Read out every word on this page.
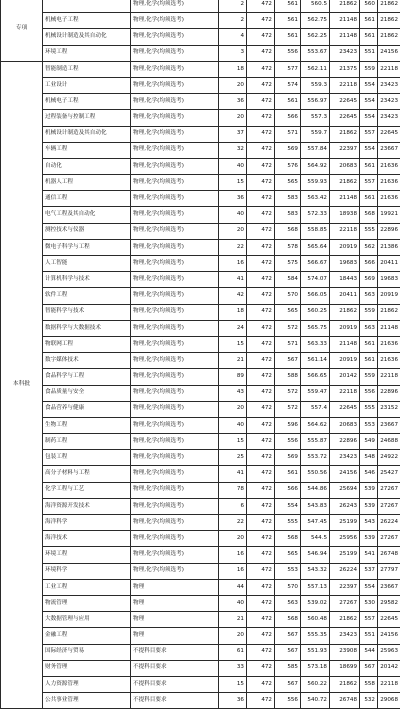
专项		物理,化学(均须选考)	2	472	561	560.5	21862	560	21862
	机械电子工程	物理,化学(均须选考)	2	472	561	562.75	21148	561	21862
	机械设计制造及其自动化	物理,化学(均须选考)	4	472	561	562.25	21148	561	21862
	环境工程	物理,化学(均须选考)	3	472	556	553.67	23423	551	24156
本科批	智能制造工程	物理,化学(均须选考)	18	472	577	562.11	21375	559	22118
	工业设计	物理,化学(均须选考)	20	472	574	559.3	22118	554	23423
	机械电子工程	物理,化学(均须选考)	36	472	561	556.97	22645	554	23423
	过程装备与控制工程	物理,化学(均须选考)	20	472	566	557.3	22645	554	23423
	机械设计制造及其自动化	物理,化学(均须选考)	37	472	571	559.7	21862	557	22645
	车辆工程	物理,化学(均须选考)	32	472	569	557.84	22397	554	23667
	自动化	物理,化学(均须选考)	40	472	576	564.92	20683	561	21636
	机器人工程	物理,化学(均须选考)	15	472	565	559.93	21862	557	21636
	通信工程	物理,化学(均须选考)	36	472	583	563.42	21148	561	21636
	电气工程及其自动化	物理,化学(均须选考)	40	472	583	572.33	18938	568	19921
	测控技术与仪器	物理,化学(均须选考)	20	472	568	558.85	22118	555	22896
	微电子科学与工程	物理,化学(均须选考)	22	472	578	565.64	20919	562	21386
	人工智能	物理,化学(均须选考)	16	472	575	566.67	19683	566	20411
	计算机科学与技术	物理,化学(均须选考)	41	472	584	574.07	18443	569	19683
	软件工程	物理,化学(均须选考)	42	472	570	566.05	20411	563	20919
	智能科学与技术	物理,化学(均须选考)	18	472	565	560.25	21862	559	21862
	数据科学与大数据技术	物理,化学(均须选考)	24	472	572	565.75	20919	563	21148
	物联网工程	物理,化学(均须选考)	15	472	571	563.33	21148	561	21636
	数字媒体技术	物理,化学(均须选考)	21	472	567	561.14	20919	561	21636
	食品科学与工程	物理,化学(均须选考)	89	472	588	566.65	20142	559	22118
	食品质量与安全	物理,化学(均须选考)	43	472	572	559.47	22118	556	22896
	食品营养与健康	物理,化学(均须选考)	20	472	572	557.4	22645	555	23152
	生物工程	物理,化学(均须选考)	40	472	596	564.62	20683	553	23667
	制药工程	物理,化学(均须选考)	15	472	556	555.87	22896	549	24688
	包装工程	物理,化学(均须选考)	25	472	569	553.72	23423	548	24922
	高分子材料与工程	物理,化学(均须选考)	41	472	561	550.56	24156	546	25427
	化学工程与工艺	物理,化学(均须选考)	78	472	566	544.86	25694	539	27267
	海洋资源开发技术	物理,化学(均须选考)	6	472	554	543.83	26243	539	27267
	海洋科学	物理,化学(均须选考)	22	472	555	547.45	25199	543	26224
	海洋技术	物理,化学(均须选考)	20	472	568	544.5	25956	539	27267
	环境工程	物理,化学(均须选考)	16	472	565	546.94	25199	541	26748
	环境科学	物理,化学(均须选考)	16	472	553	543.32	26224	537	27797
	工业工程	物理	44	472	570	557.13	22397	554	23667
	物流管理	物理	40	472	563	539.02	27267	530	29582
	大数据管理与应用	物理	21	472	568	560.48	21862	557	22645
	金融工程	物理	20	472	567	555.35	23423	551	24156
	国际经济与贸易	不提科目要求	61	472	567	551.93	23908	544	25963
	财务管理	不提科目要求	33	472	585	573.18	18699	567	20142
	人力资源管理	不提科目要求	15	472	567	560.22	21862	558	22118
	公共事业管理	不提科目要求	36	472	556	540.72	26748	532	29068
